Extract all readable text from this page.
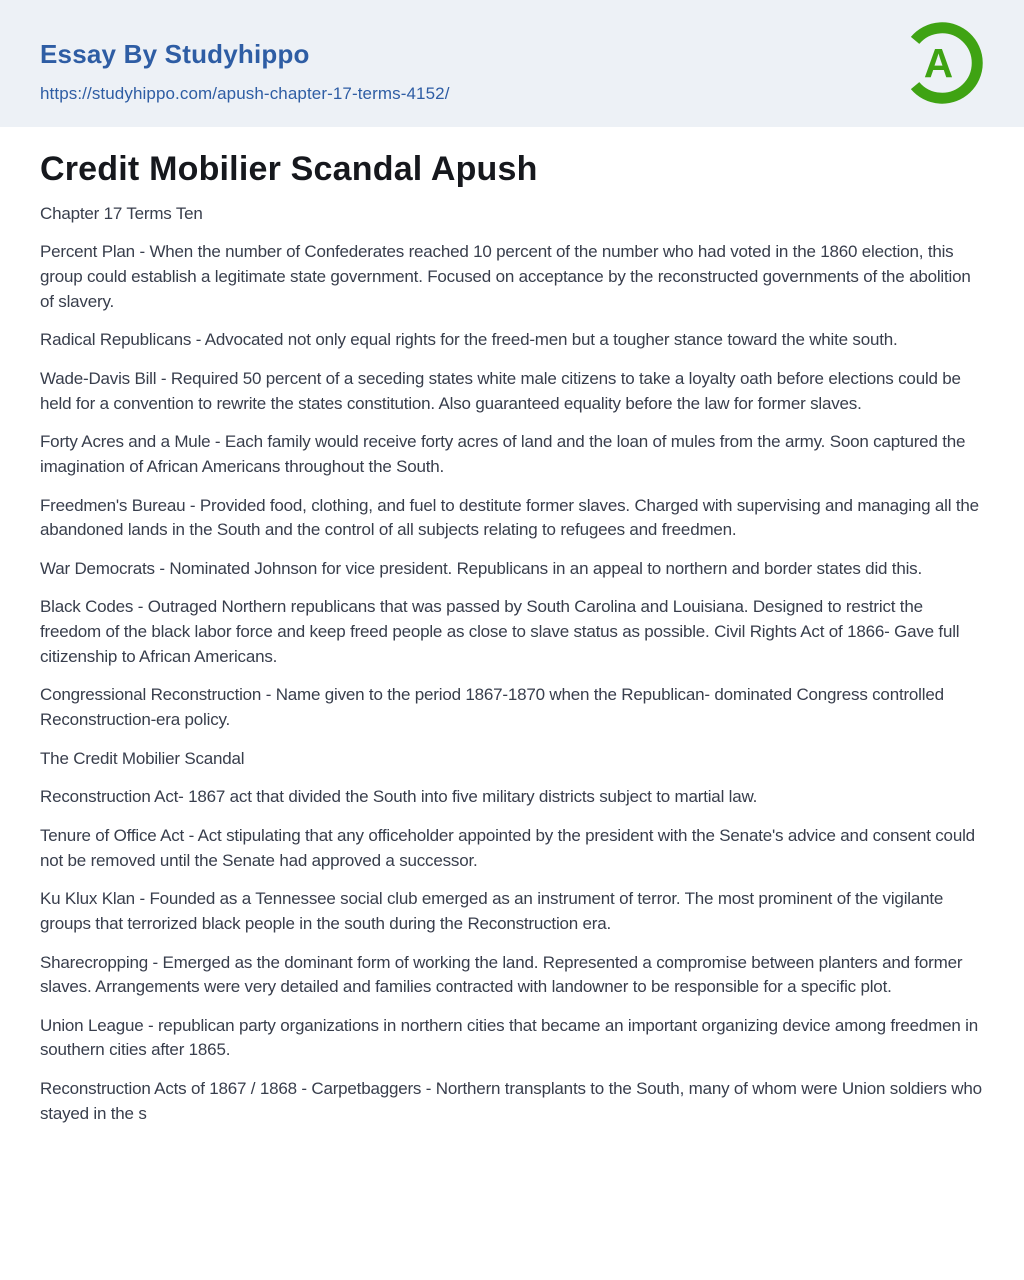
Essay By Studyhippo
https://studyhippo.com/apush-chapter-17-terms-4152/
A
Credit Mobilier Scandal Apush

Chapter 17 Terms Ten

Percent Plan - When the number of Confederates reached 10 percent of the number who had voted in the 1860 election, this group could establish a legitimate state government. Focused on acceptance by the reconstructed governments of the abolition of slavery.

Radical Republicans - Advocated not only equal rights for the freed-men but a tougher stance toward the white south.

Wade-Davis Bill - Required 50 percent of a seceding states white male citizens to take a loyalty oath before elections could be held for a convention to rewrite the states constitution. Also guaranteed equality before the law for former slaves.

Forty Acres and a Mule - Each family would receive forty acres of land and the loan of mules from the army. Soon captured the imagination of African Americans throughout the South.

Freedmen's Bureau - Provided food, clothing, and fuel to destitute former slaves. Charged with supervising and managing all the abandoned lands in the South and the control of all subjects relating to refugees and freedmen.

War Democrats - Nominated Johnson for vice president. Republicans in an appeal to northern and border states did this.

Black Codes - Outraged Northern republicans that was passed by South Carolina and Louisiana. Designed to restrict the freedom of the black labor force and keep freed people as close to slave status as possible. Civil Rights Act of 1866- Gave full citizenship to African Americans.

Congressional Reconstruction - Name given to the period 1867-1870 when the Republican- dominated Congress controlled Reconstruction-era policy.

The Credit Mobilier Scandal

Reconstruction Act- 1867 act that divided the South into five military districts subject to martial law.

Tenure of Office Act - Act stipulating that any officeholder appointed by the president with the Senate's advice and consent could not be removed until the Senate had approved a successor.

Ku Klux Klan - Founded as a Tennessee social club emerged as an instrument of terror. The most prominent of the vigilante groups that terrorized black people in the south during the Reconstruction era.

Sharecropping - Emerged as the dominant form of working the land. Represented a compromise between planters and former slaves. Arrangements were very detailed and families contracted with landowner to be responsible for a specific plot.

Union League - republican party organizations in northern cities that became an important organizing device among freedmen in southern cities after 1865.

Reconstruction Acts of 1867 / 1868 - Carpetbaggers - Northern transplants to the South, many of whom were Union soldiers who stayed in the s
